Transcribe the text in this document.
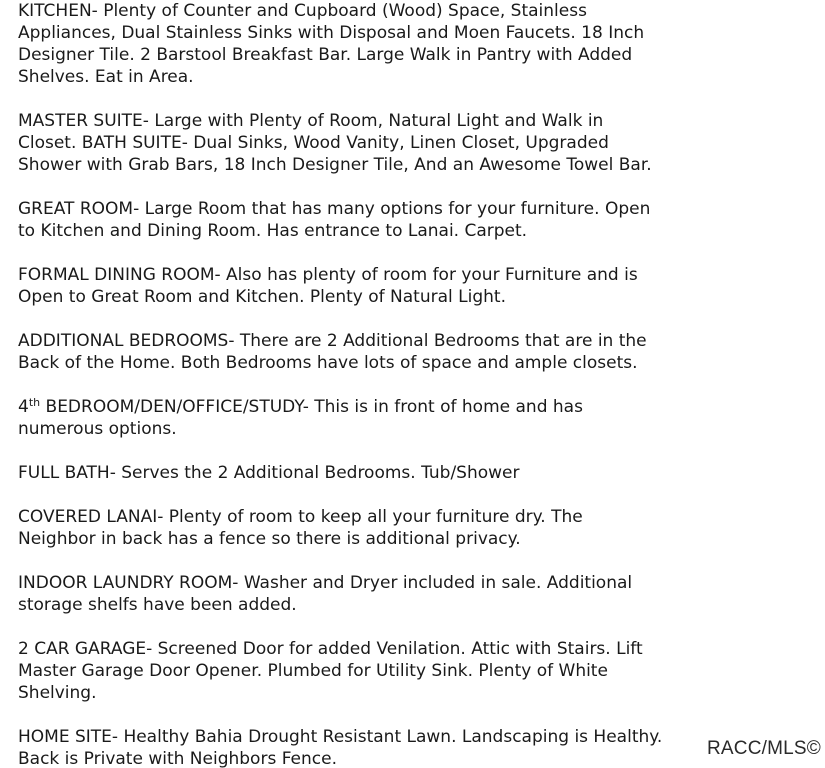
KITCHEN- Plenty of Counter and Cupboard (Wood) Space, Stainless
Appliances, Dual Stainless Sinks with Disposal and Moen Faucets. 18 Inch
Designer Tile. 2 Barstool Breakfast Bar. Large Walk in Pantry with Added
Shelves. Eat in Area.

MASTER SUITE- Large with Plenty of Room, Natural Light and Walk in
Closet. BATH SUITE- Dual Sinks, Wood Vanity, Linen Closet, Upgraded
Shower with Grab Bars, 18 Inch Designer Tile, And an Awesome Towel Bar.

GREAT ROOM- Large Room that has many options for your furniture. Open
to Kitchen and Dining Room. Has entrance to Lanai. Carpet.

FORMAL DINING ROOM- Also has plenty of room for your Furniture and is
Open to Great Room and Kitchen. Plenty of Natural Light.

ADDITIONAL BEDROOMS- There are 2 Additional Bedrooms that are in the
Back of the Home. Both Bedrooms have lots of space and ample closets.

4th BEDROOM/DEN/OFFICE/STUDY- This is in front of home and has
numerous options.

FULL BATH- Serves the 2 Additional Bedrooms. Tub/Shower

COVERED LANAI- Plenty of room to keep all your furniture dry. The
Neighbor in back has a fence so there is additional privacy.

INDOOR LAUNDRY ROOM- Washer and Dryer included in sale. Additional
storage shelfs have been added.

2 CAR GARAGE- Screened Door for added Venilation. Attic with Stairs. Lift
Master Garage Door Opener. Plumbed for Utility Sink. Plenty of White
Shelving.

HOME SITE- Healthy Bahia Drought Resistant Lawn. Landscaping is Healthy.
Back is Private with Neighbors Fence.	RACC/MLS©
